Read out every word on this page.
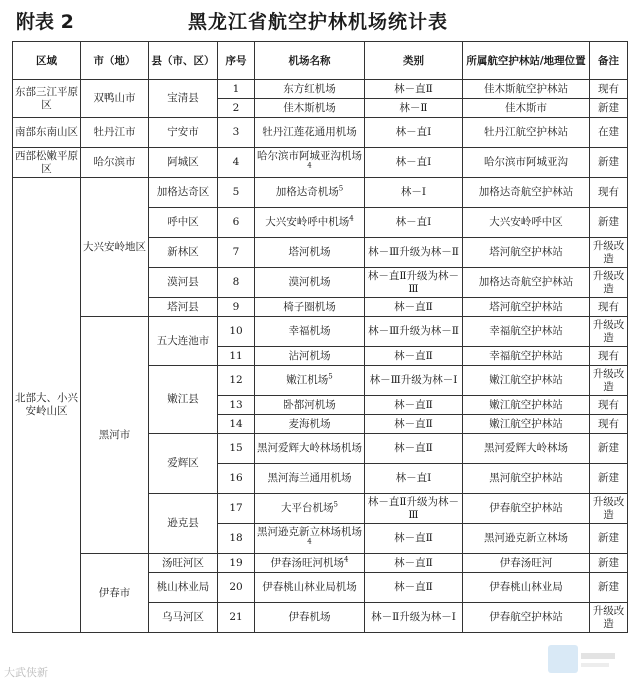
附表 2	黑龙江省航空护林机场统计表
区域	市（地）	县（市、区）	序号	机场名称	类别	所属航空护林站/地理位置	备注
东部三江平原区	双鸭山市	宝清县	1	东方红机场	林－直Ⅱ	佳木斯航空护林站	现有
			2	佳木斯机场	林－Ⅱ	佳木斯市	新建
南部东南山区	牡丹江市	宁安市	3	牡丹江莲花通用机场	林－直Ⅰ	牡丹江航空护林站	在建
西部松嫩平原区	哈尔滨市	阿城区	4	哈尔滨市阿城亚沟机场$^4$	林－直Ⅰ	哈尔滨市阿城亚沟	新建
北部大、小兴安岭山区	大兴安岭地区	加格达奇区	5	加格达奇机场$^5$	林－Ⅰ	加格达奇航空护林站	现有
		呼中区	6	大兴安岭呼中机场$^4$	林－直Ⅰ	大兴安岭呼中区	新建
		新林区	7	塔河机场	林－Ⅲ升级为林－Ⅱ	塔河航空护林站	升级改造
		漠河县	8	漠河机场	林－直Ⅱ升级为林－Ⅲ	加格达奇航空护林站	升级改造
		塔河县	9	椅子圈机场	林－直Ⅱ	塔河航空护林站	现有
	黑河市	五大连池市	10	幸福机场	林－Ⅲ升级为林－Ⅱ	幸福航空护林站	升级改造
			11	沾河机场	林－直Ⅱ	幸福航空护林站	现有
		嫩江县	12	嫩江机场$^5$	林－Ⅲ升级为林－Ⅰ	嫩江航空护林站	升级改造
			13	卧都河机场	林－直Ⅱ	嫩江航空护林站	现有
			14	麦海机场	林－直Ⅱ	嫩江航空护林站	现有
		爱辉区	15	黑河爱辉大岭林场机场	林－直Ⅱ	黑河爱辉大岭林场	新建
			16	黑河海兰通用机场	林－直Ⅰ	黑河航空护林站	新建
		逊克县	17	大平台机场$^5$	林－直Ⅱ升级为林－Ⅲ	伊春航空护林站	升级改造
			18	黑河逊克新立林场机场$^4$	林－直Ⅱ	黑河逊克新立林场	新建
	伊春市	汤旺河区	19	伊春汤旺河机场$^4$	林－直Ⅱ	伊春汤旺河	新建
		桃山林业局	20	伊春桃山林业局机场	林－直Ⅱ	伊春桃山林业局	新建
		乌马河区	21	伊春机场	林－Ⅱ升级为林－Ⅰ	伊春航空护林站	升级改造
大武侠新
